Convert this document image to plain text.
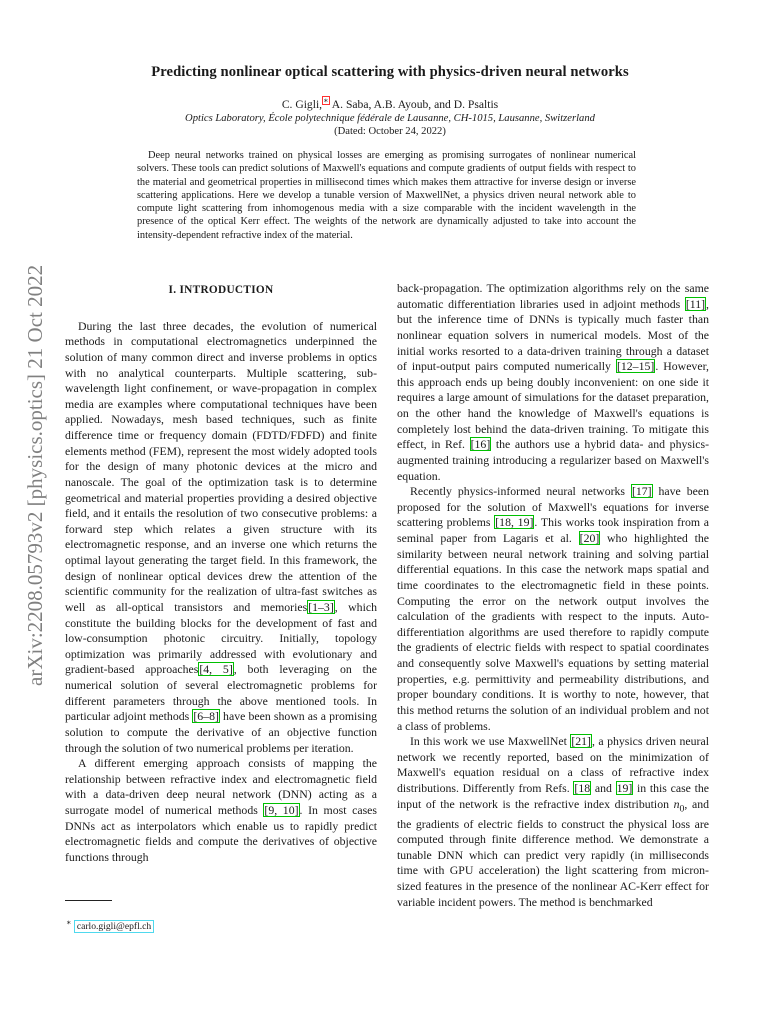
arXiv:2208.05793v2 [physics.optics] 21 Oct 2022
Predicting nonlinear optical scattering with physics-driven neural networks
C. Gigli,∗ A. Saba, A.B. Ayoub, and D. Psaltis
Optics Laboratory, École polytechnique fédérale de Lausanne, CH-1015, Lausanne, Switzerland
(Dated: October 24, 2022)

Deep neural networks trained on physical losses are emerging as promising surrogates of nonlinear numerical solvers. These tools can predict solutions of Maxwell's equations and compute gradients of output fields with respect to the material and geometrical properties in millisecond times which makes them attractive for inverse design or inverse scattering applications. Here we develop a tunable version of MaxwellNet, a physics driven neural network able to compute light scattering from inhomogenous media with a size comparable with the incident wavelength in the presence of the optical Kerr effect. The weights of the network are dynamically adjusted to take into account the intensity-dependent refractive index of the material.

I. INTRODUCTION

During the last three decades, the evolution of numerical methods in computational electromagnetics underpinned the solution of many common direct and inverse problems in optics with no analytical counterparts. Multiple scattering, sub-wavelength light confinement, or wave-propagation in complex media are examples where computational techniques have been applied. Nowadays, mesh based techniques, such as finite difference time or frequency domain (FDTD/FDFD) and finite elements method (FEM), represent the most widely adopted tools for the design of many photonic devices at the micro and nanoscale. The goal of the optimization task is to determine geometrical and material properties providing a desired objective field, and it entails the resolution of two consecutive problems: a forward step which relates a given structure with its electromagnetic response, and an inverse one which returns the optimal layout generating the target field. In this framework, the design of nonlinear optical devices drew the attention of the scientific community for the realization of ultra-fast switches as well as all-optical transistors and memories[1–3], which constitute the building blocks for the development of fast and low-consumption photonic circuitry. Initially, topology optimization was primarily addressed with evolutionary and gradient-based approaches[4, 5], both leveraging on the numerical solution of several electromagnetic problems for different parameters through the above mentioned tools. In particular adjoint methods [6–8] have been shown as a promising solution to compute the derivative of an objective function through the solution of two numerical problems per iteration.

A different emerging approach consists of mapping the relationship between refractive index and electromagnetic field with a data-driven deep neural network (DNN) acting as a surrogate model of numerical methods [9, 10]. In most cases DNNs act as interpolators which enable us to rapidly predict electromagnetic fields and compute the derivatives of objective functions through

back-propagation. The optimization algorithms rely on the same automatic differentiation libraries used in adjoint methods [11], but the inference time of DNNs is typically much faster than nonlinear equation solvers in numerical models. Most of the initial works resorted to a data-driven training through a dataset of input-output pairs computed numerically [12–15]. However, this approach ends up being doubly inconvenient: on one side it requires a large amount of simulations for the dataset preparation, on the other hand the knowledge of Maxwell's equations is completely lost behind the data-driven training. To mitigate this effect, in Ref. [16] the authors use a hybrid data- and physics-augmented training introducing a regularizer based on Maxwell's equation.

Recently physics-informed neural networks [17] have been proposed for the solution of Maxwell's equations for inverse scattering problems [18, 19]. This works took inspiration from a seminal paper from Lagaris et al. [20] who highlighted the similarity between neural network training and solving partial differential equations. In this case the network maps spatial and time coordinates to the electromagnetic field in these points. Computing the error on the network output involves the calculation of the gradients with respect to the inputs. Auto-differentiation algorithms are used therefore to rapidly compute the gradients of electric fields with respect to spatial coordinates and consequently solve Maxwell's equations by setting material properties, e.g. permittivity and permeability distributions, and proper boundary conditions. It is worthy to note, however, that this method returns the solution of an individual problem and not a class of problems.

In this work we use MaxwellNet [21], a physics driven neural network we recently reported, based on the minimization of Maxwell's equation residual on a class of refractive index distributions. Differently from Refs. [18 and 19] in this case the input of the network is the refractive index distribution $n_0$, and the gradients of electric fields to construct the physical loss are computed through finite difference method. We demonstrate a tunable DNN which can predict very rapidly (in milliseconds time with GPU acceleration) the light scattering from micron-sized features in the presence of the nonlinear AC-Kerr effect for variable incident powers. The method is benchmarked

∗ carlo.gigli@epfl.ch
